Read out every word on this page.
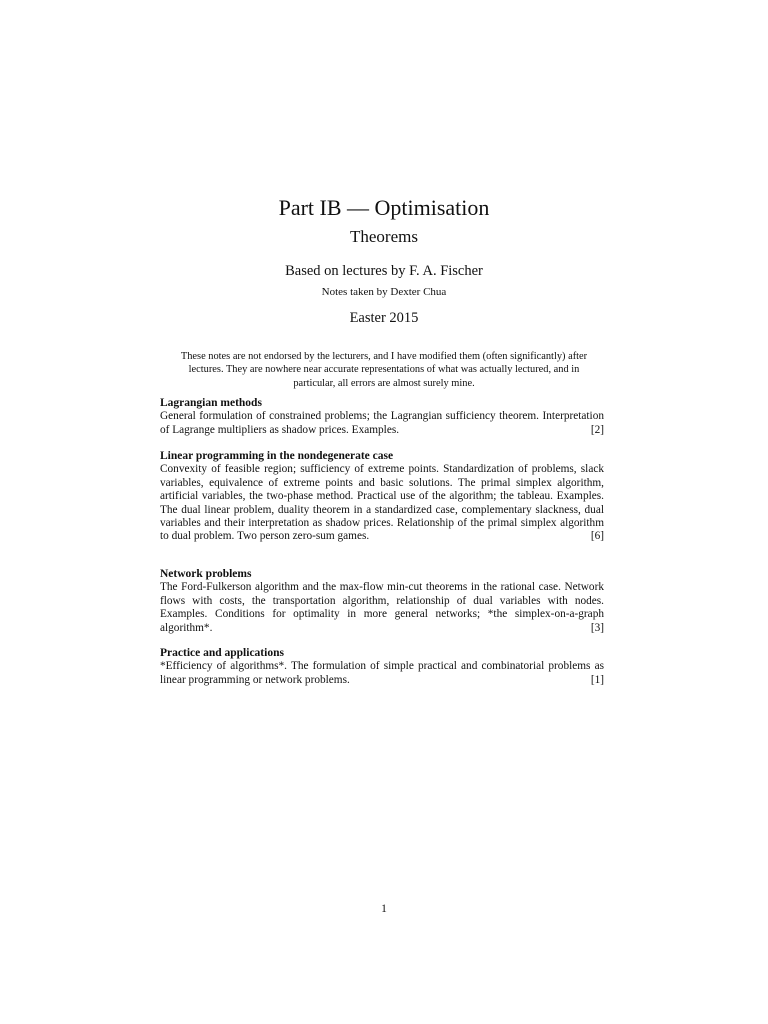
Part IB — Optimisation
Theorems
Based on lectures by F. A. Fischer
Notes taken by Dexter Chua
Easter 2015
These notes are not endorsed by the lecturers, and I have modified them (often significantly) after lectures. They are nowhere near accurate representations of what was actually lectured, and in particular, all errors are almost surely mine.
Lagrangian methods

General formulation of constrained problems; the Lagrangian sufficiency theorem. Interpretation of Lagrange multipliers as shadow prices. Examples.	[2]

Linear programming in the nondegenerate case

Convexity of feasible region; sufficiency of extreme points. Standardization of problems, slack variables, equivalence of extreme points and basic solutions. The primal simplex algorithm, artificial variables, the two-phase method. Practical use of the algorithm; the tableau. Examples. The dual linear problem, duality theorem in a standardized case, complementary slackness, dual variables and their interpretation as shadow prices. Relationship of the primal simplex algorithm to dual problem. Two person zero-sum games.	[6]

Network problems

The Ford-Fulkerson algorithm and the max-flow min-cut theorems in the rational case. Network flows with costs, the transportation algorithm, relationship of dual variables with nodes. Examples. Conditions for optimality in more general networks; *the simplex-on-a-graph algorithm*.	[3]

Practice and applications

*Efficiency of algorithms*. The formulation of simple practical and combinatorial problems as linear programming or network problems.	[1]

1
